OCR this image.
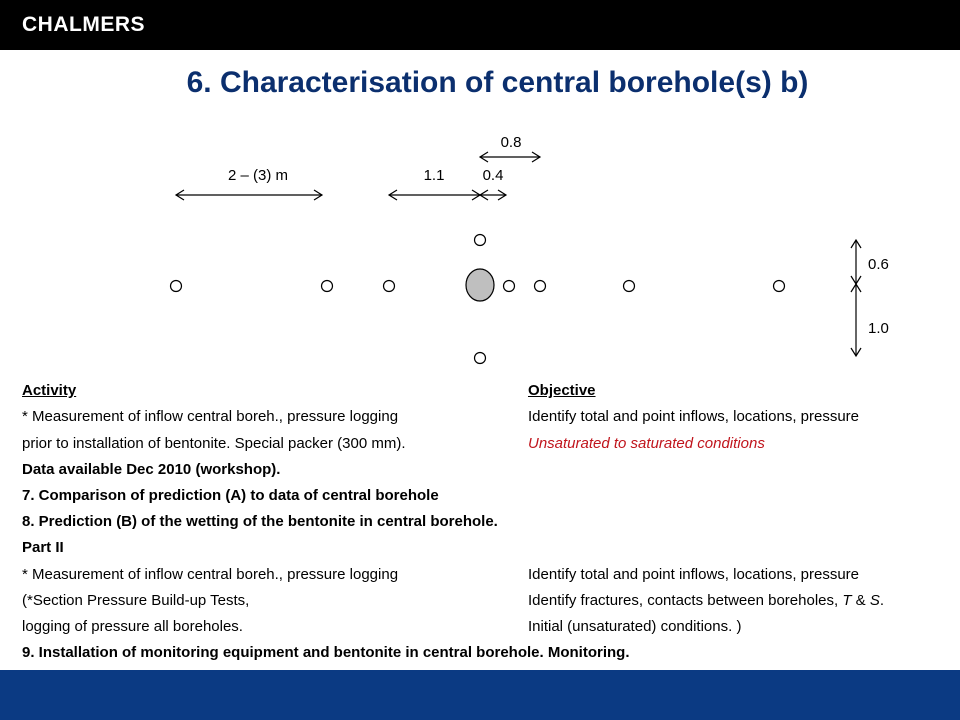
CHALMERS
6. Characterisation of central borehole(s) b)
2 – (3) m	1.1	0.4
0.8
0.6
1.0
Activity	Objective
* Measurement of inflow central boreh., pressure logging	Identify total and point inflows, locations, pressure
prior to installation of bentonite. Special packer (300 mm).	Unsaturated to saturated conditions
Data available Dec 2010 (workshop).
7. Comparison of prediction (A) to data of central borehole
8. Prediction (B) of the wetting of the bentonite in central borehole.
Part II
* Measurement of inflow central boreh., pressure logging	Identify total and point inflows, locations, pressure
(*Section Pressure Build-up Tests,	Identify fractures, contacts between boreholes, T & S.
logging of pressure all boreholes.	Initial (unsaturated) conditions. )
9. Installation of monitoring equipment and bentonite in central borehole. Monitoring.
